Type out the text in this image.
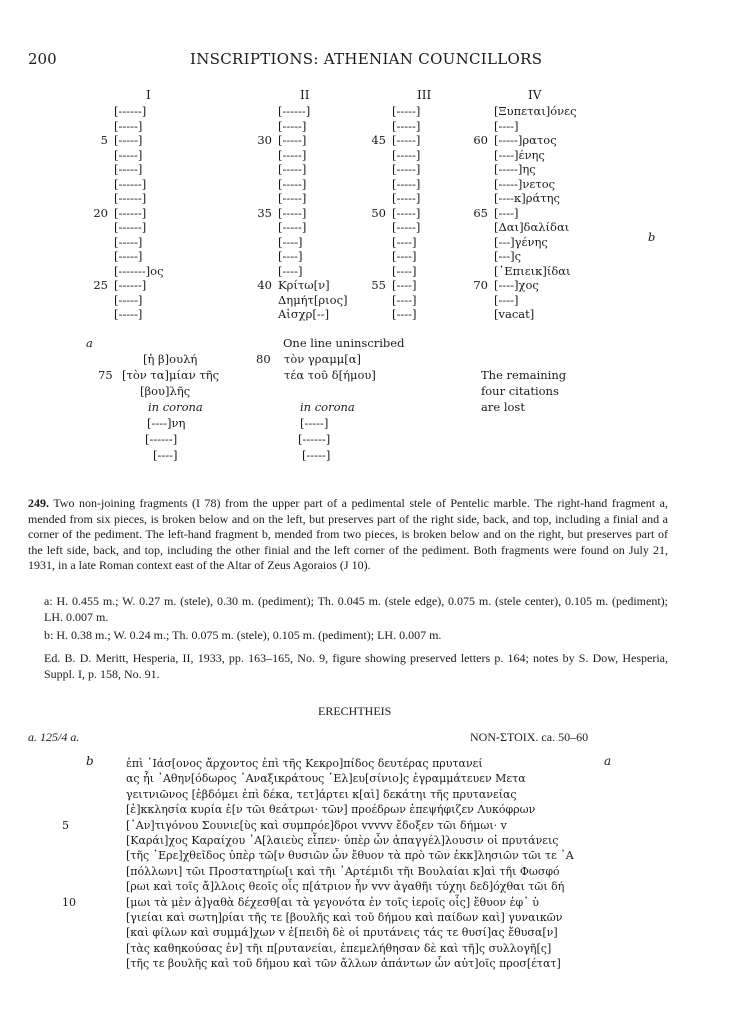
200	INSCRIPTIONS: ATHENIAN COUNCILLORS
I	II	III	IV
[------]
[-----]
5 [-----]
[-----]
[-----]
[------]
[------]
20 [------]
[------]
[-----]
[-----]
[-------]ος
25 [------]
[-----]
[-----]
[------]
[-----]
30 [-----]
[-----]
[-----]
[-----]
[-----]
35 [-----]
[-----]
[----]
[----]
[----]
40 Κρίτω[ν]
Δημήτ[ριος]
Αἰσχρ[--]
[-----]
[-----]
45 [-----]
[-----]
[-----]
[-----]
[-----]
50 [-----]
[-----]
[----]
[----]
[----]
55 [----]
[----]
[----]
[Ξυπεται]όνες
[----]
60 [-----]ρατος
[----]ένης
[-----]ης
[-----]νετος
[----κ]ράτης
65 [----]
[Δαι]δαλίδαι
[---]γένης
[---]ς
[᾿Επιεικ]ίδαι
70 [----]χος
[----]
[vacat]
a
b
One line uninscribed
[ἡ β]ουλή
75 [τὸν τα]μίαν τῆς
[βου]λῆς
in corona
[----]νη
[------]
[----]
80 τὸν γραμμ[α]
τέα τοῦ δ[ήμου]
in corona
[-----]
[------]
[-----]
The remaining
four citations
are lost
249. Two non-joining fragments (I 78) from the upper part of a pedimental stele of Pentelic marble. The right-hand fragment a, mended from six pieces, is broken below and on the left, but preserves part of the right side, back, and top, including a finial and a corner of the pediment. The left-hand fragment b, mended from two pieces, is broken below and on the right, but preserves part of the left side, back, and top, including the other finial and the left corner of the pediment. Both fragments were found on July 21, 1931, in a late Roman context east of the Altar of Zeus Agoraios (J 10).
a: H. 0.455 m.; W. 0.27 m. (stele), 0.30 m. (pediment); Th. 0.045 m. (stele edge), 0.075 m. (stele center), 0.105 m. (pediment); LH. 0.007 m.
b: H. 0.38 m.; W. 0.24 m.; Th. 0.075 m. (stele), 0.105 m. (pediment); LH. 0.007 m.
Ed. B. D. Meritt, Hesperia, II, 1933, pp. 163–165, No. 9, figure showing preserved letters p. 164; notes by S. Dow, Hesperia, Suppl. I, p. 158, No. 91.
ERECHTHEIS
a. 125/4 a.	NON-ΣΤΟΙΧ. ca. 50–60
b	a
ἐπὶ ᾿Ιάσ[ονος ἄρχοντος ἐπὶ τῆς Κεκρο]πίδος δευτέρας πρυτανεί
ας ἧι ᾿Αθην[όδωρος ᾿Αναξικράτους ᾿Ελ]ευ[σίνιο]ς ἐγραμμάτευεν Μετα
γειτνιῶνος [ἑβδόμει ἐπὶ δέκα, τετ]άρτει κ[αὶ] δεκάτηι τῆς πρυτανείας
[ἐ]κκλησία κυρία ἐ[ν τῶι θεάτρωι· τῶν] προέδρων ἐπεψήφιζεν Λυκόφρων
5	[᾿Αν]τιγόνου Σουνιε[ὺς καὶ συμπρόε]δροι vvvvv ἔδοξεν τῶι δήμωι· v
[Καράι]χος Καραίχου ᾿Α[λαιεὺς εἶπεν· ὑπὲρ ὧν ἀπαγγέλ]λουσιν οἱ πρυτάνεις
[τῆς ᾿Ερε]χθεῖδος ὑπὲρ τῶ[ν θυσιῶν ὧν ἔθυον τὰ πρὸ τῶν ἐκκ]λησιῶν τῶι τε ᾿Α
[πόλλωνι] τῶι Προστατηρίω[ι καὶ τῆι ᾿Αρτέμιδι τῆι Βουλαίαι κ]αὶ τῆι Φωσφό
[ρωι καὶ τοῖς ἄ]λλοις θεοῖς οἷς π[άτριον ἦν vvv ἀγαθῆι τύχηι δεδ]όχθαι τῶι δή
10	[μωι τὰ μὲν ἀ]γαθὰ δέχεσθ[αι τὰ γεγονότα ἐν τοῖς ἱεροῖς οἷς] ἔθυον ἐφ᾿ ὑ
[γιείαι καὶ σωτη]ρίαι τῆς τε [βουλῆς καὶ τοῦ δήμου καὶ παίδων καὶ] γυναικῶν
[καὶ φίλων καὶ συμμά]χων v ἐ[πειδὴ δὲ οἱ πρυτάνεις τάς τε θυσί]ας ἔθυσα[ν]
[τὰς καθηκούσας ἐν] τῆι π[ρυτανείαι, ἐπεμελήθησαν δὲ καὶ τῆ]ς συλλογῆ[ς]
[τῆς τε βουλῆς καὶ τοῦ δήμου καὶ τῶν ἄλλων ἁπάντων ὧν αὐτ]οῖς προσ[έτατ]
